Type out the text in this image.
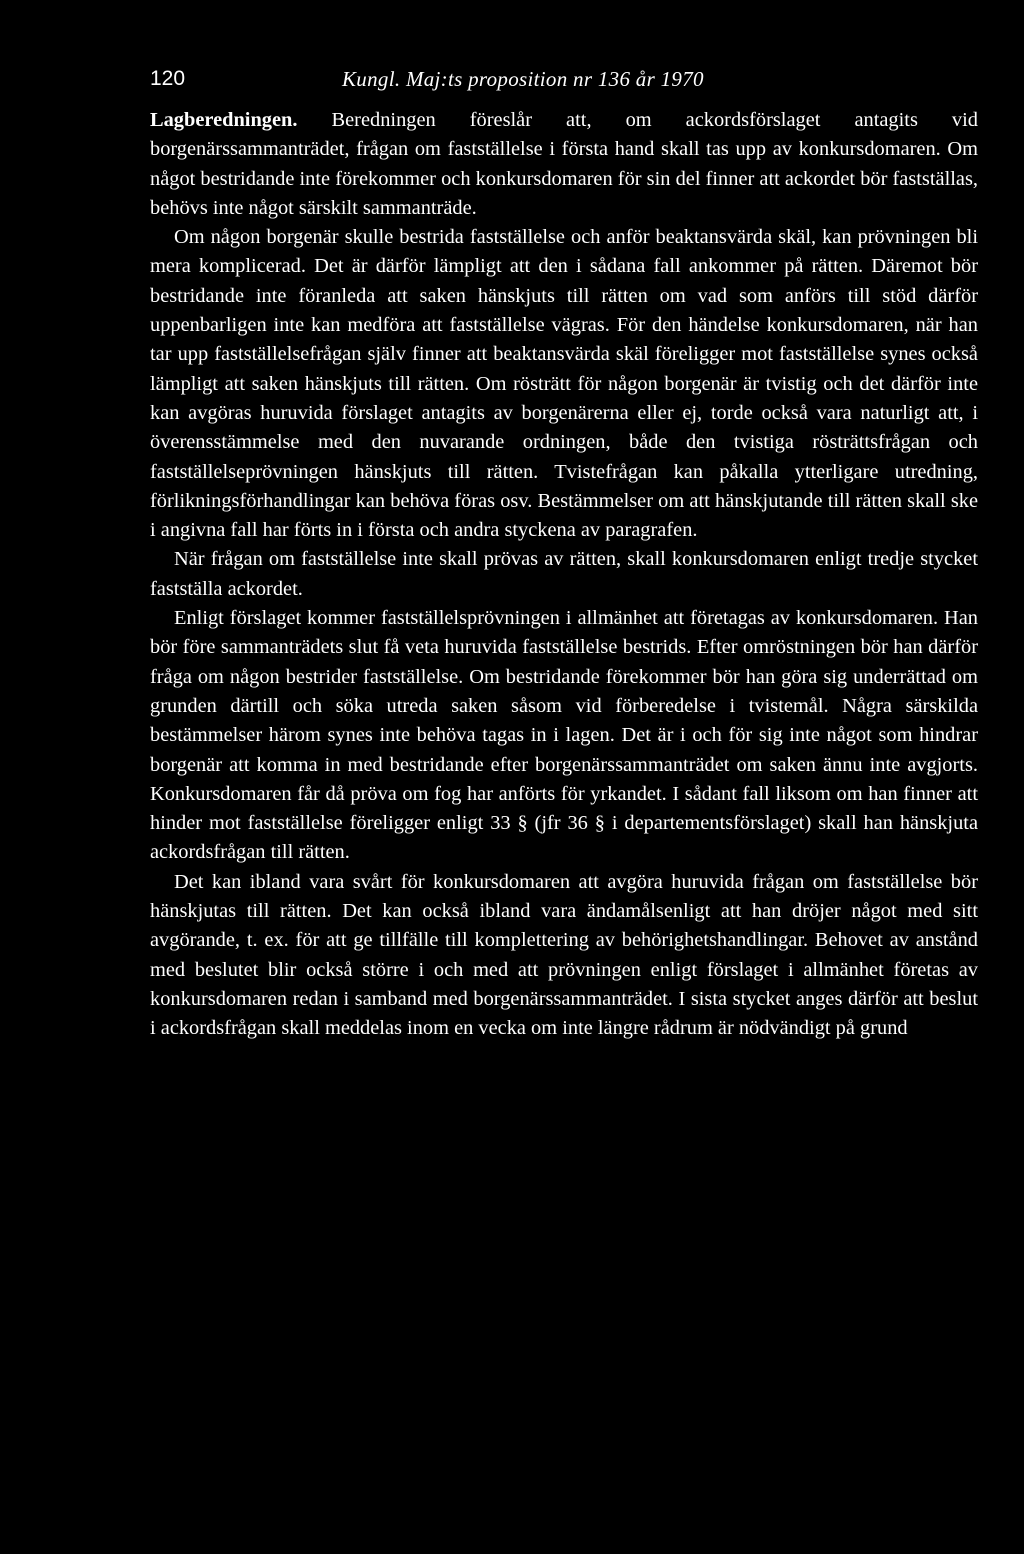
120	Kungl. Maj:ts proposition nr 136 år 1970

Lagberedningen. Beredningen föreslår att, om ackordsförslaget antagits vid borgenärssammanträdet, frågan om fastställelse i första hand skall tas upp av konkursdomaren. Om något bestridande inte förekommer och konkursdomaren för sin del finner att ackordet bör fastställas, behövs inte något särskilt sammanträde.

Om någon borgenär skulle bestrida fastställelse och anför beaktansvärda skäl, kan prövningen bli mera komplicerad. Det är därför lämpligt att den i sådana fall ankommer på rätten. Däremot bör bestridande inte föranleda att saken hänskjuts till rätten om vad som anförs till stöd därför uppenbarligen inte kan medföra att fastställelse vägras. För den händelse konkursdomaren, när han tar upp fastställelsefrågan själv finner att beaktansvärda skäl föreligger mot fastställelse synes också lämpligt att saken hänskjuts till rätten. Om rösträtt för någon borgenär är tvistig och det därför inte kan avgöras huruvida förslaget antagits av borgenärerna eller ej, torde också vara naturligt att, i överensstämmelse med den nuvarande ordningen, både den tvistiga rösträttsfrågan och fastställelseprövningen hänskjuts till rätten. Tvistefrågan kan påkalla ytterligare utredning, förlikningsförhandlingar kan behöva föras osv. Bestämmelser om att hänskjutande till rätten skall ske i angivna fall har förts in i första och andra styckena av paragrafen.

När frågan om fastställelse inte skall prövas av rätten, skall konkursdomaren enligt tredje stycket fastställa ackordet.

Enligt förslaget kommer fastställelsprövningen i allmänhet att företagas av konkursdomaren. Han bör före sammanträdets slut få veta huruvida fastställelse bestrids. Efter omröstningen bör han därför fråga om någon bestrider fastställelse. Om bestridande förekommer bör han göra sig underrättad om grunden därtill och söka utreda saken såsom vid förberedelse i tvistemål. Några särskilda bestämmelser härom synes inte behöva tagas in i lagen. Det är i och för sig inte något som hindrar borgenär att komma in med bestridande efter borgenärssammanträdet om saken ännu inte avgjorts. Konkursdomaren får då pröva om fog har anförts för yrkandet. I sådant fall liksom om han finner att hinder mot fastställelse föreligger enligt 33 § (jfr 36 § i departementsförslaget) skall han hänskjuta ackordsfrågan till rätten.

Det kan ibland vara svårt för konkursdomaren att avgöra huruvida frågan om fastställelse bör hänskjutas till rätten. Det kan också ibland vara ändamålsenligt att han dröjer något med sitt avgörande, t. ex. för att ge tillfälle till komplettering av behörighetshandlingar. Behovet av anstånd med beslutet blir också större i och med att prövningen enligt förslaget i allmänhet företas av konkursdomaren redan i samband med borgenärssammanträdet. I sista stycket anges därför att beslut i ackordsfrågan skall meddelas inom en vecka om inte längre rådrum är nödvändigt på grund
